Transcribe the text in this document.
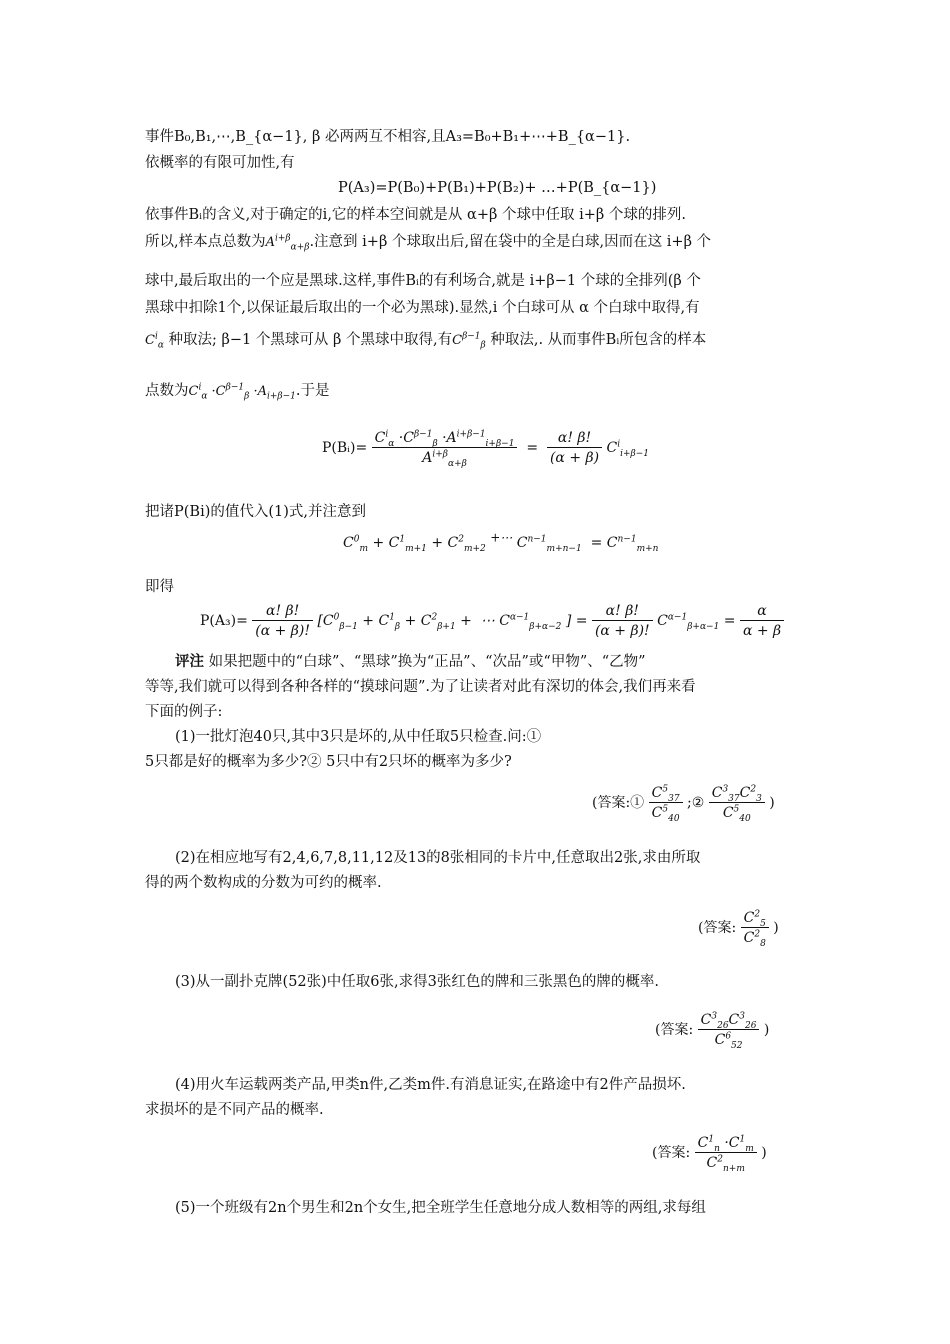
事件B₀,B₁,⋯,B_{α−1}, β 必两两互不相容,且A₃=B₀+B₁+⋯+B_{α−1}.
依概率的有限可加性,有
P(A₃)=P(B₀)+P(B₁)+P(B₂)+ …+P(B_{α−1})
依事件Bᵢ的含义,对于确定的i,它的样本空间就是从 α+β 个球中任取 i+β 个球的排列.
所以,样本点总数为$A^{i+\beta}_{\alpha+\beta}$.注意到 i+β 个球取出后,留在袋中的全是白球,因而在这 i+β 个
球中,最后取出的一个应是黑球.这样,事件Bᵢ的有利场合,就是 i+β−1 个球的全排列(β 个
黑球中扣除1个,以保证最后取出的一个必为黑球).显然,i 个白球可从 α 个白球中取得,有
$C^i_\alpha$ 种取法; β−1 个黑球可从 β 个黑球中取得,有$C^{\beta-1}_\beta$ 种取法,. 从而事件Bᵢ所包含的样本
点数为$C^i_\alpha \cdot C^{\beta-1}_\beta \cdot A_{i+\beta-1}$.于是
P(Bᵢ)= $\frac{C^i_\alpha \cdot C^{\beta-1}_\beta \cdot A^{i+\beta-1}_{i+\beta-1}}{A^{i+\beta}_{\alpha+\beta}} = \frac{\alpha! \beta!}{(\alpha + \beta)} C^i_{i+\beta-1}$
把诸P(Bi)的值代入(1)式,并注意到
$C^0_m + C^1_{m+1} + C^2_{m+2}$ +⋯ $C^{n-1}_{m+n-1} = C^{n-1}_{m+n}$
即得
$P(A_3)= \frac{\alpha! \beta!}{(\alpha + \beta)!} [C^0_{\beta-1} + C^1_\beta + C^2_{\beta+1}$ +  ⋯ $C^{\alpha-1}_{\beta+\alpha-2}$ ] = $\frac{\alpha! \beta!}{(\alpha + \beta)!} C^{\alpha-1}_{\beta+\alpha-1} = \frac{\alpha}{\alpha + \beta}$
评注 如果把题中的“白球”、“黑球”换为“正品”、“次品”或“甲物”、“乙物”
等等,我们就可以得到各种各样的“摸球问题”.为了让读者对此有深切的体会,我们再来看
下面的例子:
(1)一批灯泡40只,其中3只是坏的,从中任取5只检查.问:①
5只都是好的概率为多少?② 5只中有2只坏的概率为多少?
(答案:① $\frac{C^5_{37}}{C^5_{40}}$ ;② $\frac{C^3_{37}C^2_3}{C^5_{40}}$ )
(2)在相应地写有2,4,6,7,8,11,12及13的8张相同的卡片中,任意取出2张,求由所取
得的两个数构成的分数为可约的概率.
(答案: $\frac{C^2_5}{C^2_8}$ )
(3)从一副扑克牌(52张)中任取6张,求得3张红色的牌和三张黑色的牌的概率.
(答案: $\frac{C^3_{26}C^3_{26}}{C^6_{52}}$ )
(4)用火车运载两类产品,甲类n件,乙类m件.有消息证实,在路途中有2件产品损坏.
求损坏的是不同产品的概率.
(答案: $\frac{C^1_n \cdot C^1_m}{C^2_{n+m}}$ )
(5)一个班级有2n个男生和2n个女生,把全班学生任意地分成人数相等的两组,求每组
